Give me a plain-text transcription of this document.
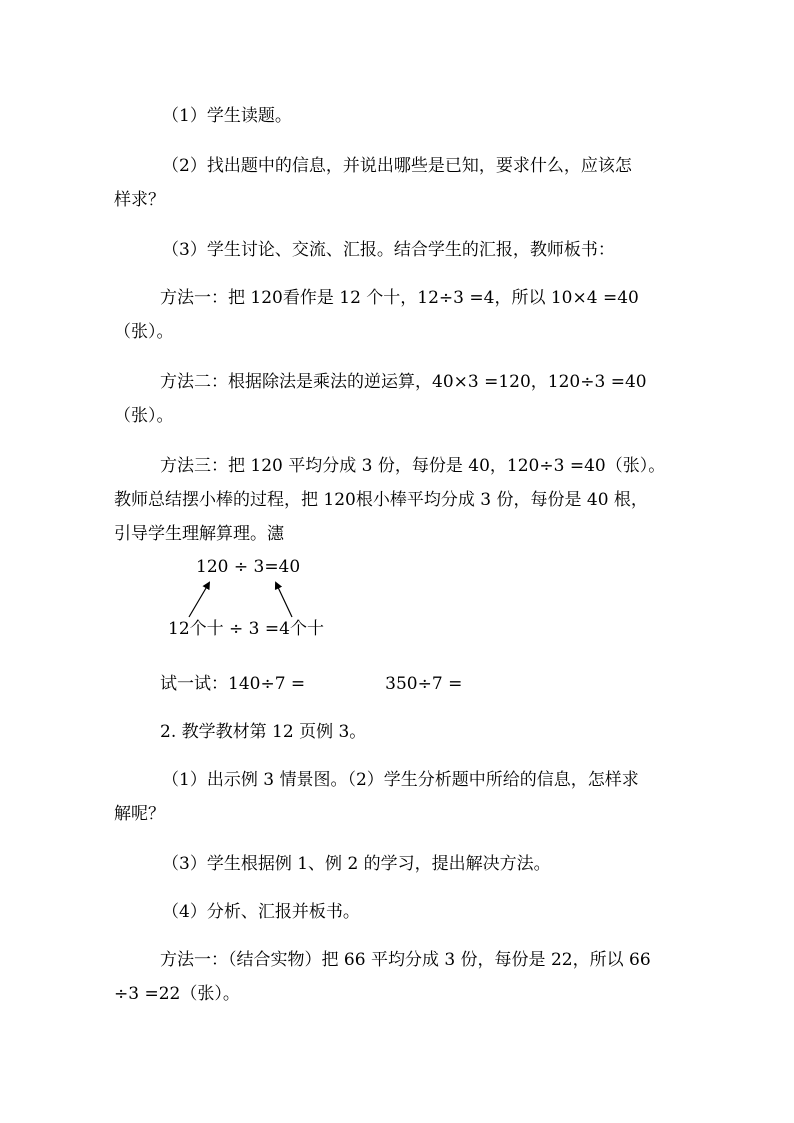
（1）学生读题。
（2）找出题中的信息，并说出哪些是已知，要求什么，应该怎
样求？
（3）学生讨论、交流、汇报。结合学生的汇报，教师板书：
方法一：把 120看作是 12 个十，12÷3 =4，所以 10×4 =40
（张）。
方法二：根据除法是乘法的逆运算，40×3 =120，120÷3 =40
（张）。
方法三：把 120 平均分成 3 份，每份是 40，120÷3 =40（张）。
教师总结摆小棒的过程，把 120根小棒平均分成 3 份，每份是 40 根，
引导学生理解算理。瀗
120 ÷ 3=40
12个十 ÷ 3 =4个十
试一试：140÷7 =	350÷7 =
2. 教学教材第 12 页例 3。
（1）出示例 3 情景图。（2）学生分析题中所给的信息，怎样求
解呢？
（3）学生根据例 1、例 2 的学习，提出解决方法。
（4）分析、汇报并板书。
方法一：（结合实物）把 66 平均分成 3 份，每份是 22，所以 66
÷3 =22（张）。
